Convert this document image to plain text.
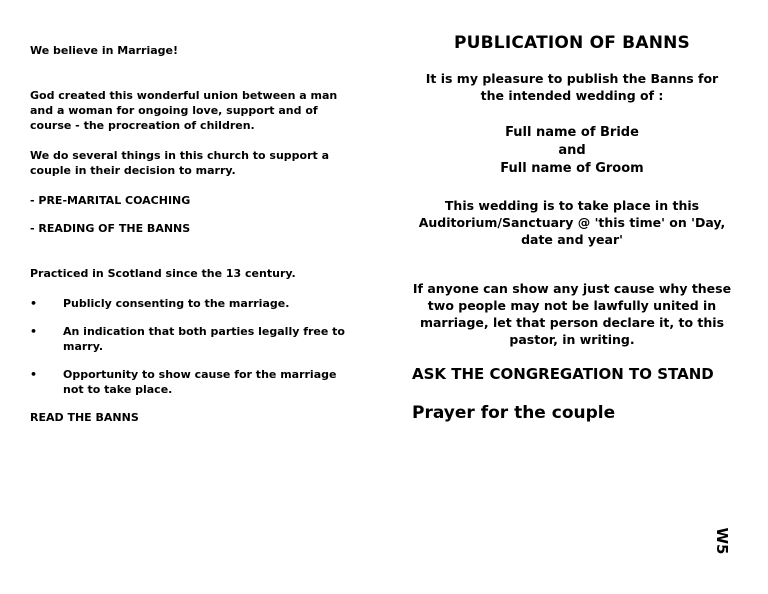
We believe in Marriage!

God created this wonderful union between a man and a woman for ongoing love, support and of course - the procreation of children.

We do several things in this church to support a couple in their decision to marry.

- PRE-MARITAL COACHING

- READING OF THE BANNS

Practiced in Scotland since the 13 century.

• Publicly consenting to the marriage.
• An indication that both parties legally free to marry.
• Opportunity to show cause for the marriage not to take place.

READ THE BANNS

PUBLICATION OF BANNS

It is my pleasure to publish the Banns for the intended wedding of :

Full name of Bride

and

Full name of Groom

This wedding is to take place in this Auditorium/Sanctuary @ 'this time' on 'Day, date and year'

If anyone can show any just cause why these two people may not be lawfully united in marriage, let that person declare it, to this pastor, in writing.

ASK THE CONGREGATION TO STAND

Prayer for the couple

W5
